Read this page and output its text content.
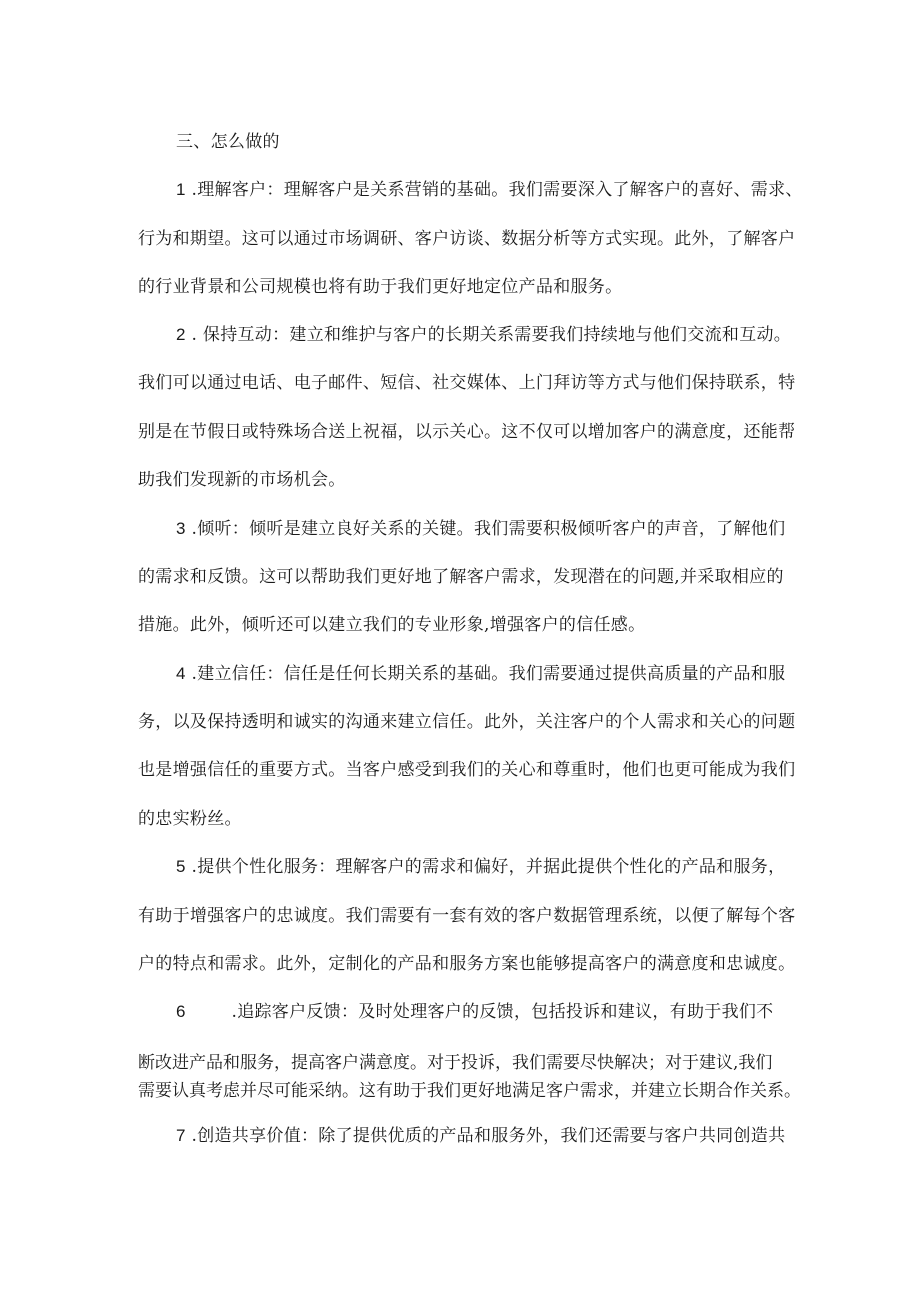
三、怎么做的
1 .理解客户：理解客户是关系营销的基础。我们需要深入了解客户的喜好、需求、
行为和期望。这可以通过市场调研、客户访谈、数据分析等方式实现。此外，了解客户
的行业背景和公司规模也将有助于我们更好地定位产品和服务。
2 . 保持互动：建立和维护与客户的长期关系需要我们持续地与他们交流和互动。
我们可以通过电话、电子邮件、短信、社交媒体、上门拜访等方式与他们保持联系，特
别是在节假日或特殊场合送上祝福，以示关心。这不仅可以增加客户的满意度，还能帮
助我们发现新的市场机会。
3 .倾听：倾听是建立良好关系的关键。我们需要积极倾听客户的声音，了解他们
的需求和反馈。这可以帮助我们更好地了解客户需求，发现潜在的问题,并采取相应的
措施。此外，倾听还可以建立我们的专业形象,增强客户的信任感。
4 .建立信任：信任是任何长期关系的基础。我们需要通过提供高质量的产品和服
务，以及保持透明和诚实的沟通来建立信任。此外，关注客户的个人需求和关心的问题
也是增强信任的重要方式。当客户感受到我们的关心和尊重时，他们也更可能成为我们
的忠实粉丝。
5 .提供个性化服务：理解客户的需求和偏好，并据此提供个性化的产品和服务，
有助于增强客户的忠诚度。我们需要有一套有效的客户数据管理系统，以便了解每个客
户的特点和需求。此外，定制化的产品和服务方案也能够提高客户的满意度和忠诚度。
6	.追踪客户反馈：及时处理客户的反馈，包括投诉和建议，有助于我们不
断改进产品和服务，提高客户满意度。对于投诉，我们需要尽快解决；对于建议,我们
需要认真考虑并尽可能采纳。这有助于我们更好地满足客户需求，并建立长期合作关系。
7 .创造共享价值：除了提供优质的产品和服务外，我们还需要与客户共同创造共
